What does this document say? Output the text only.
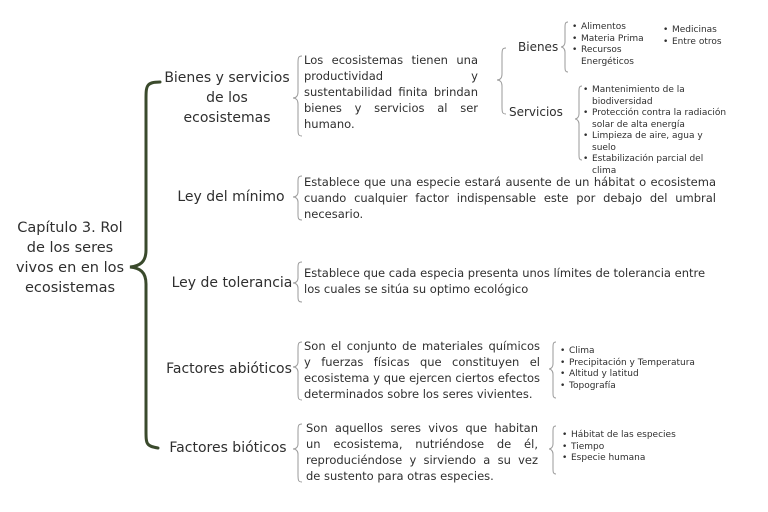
Capítulo 3. Rol de los seres vivos en en los ecosistemas
Bienes y servicios de los ecosistemas
Los ecosistemas tienen una productividad y sustentabilidad finita brindan bienes y servicios al ser humano.
Bienes
• Alimentos
• Materia Prima
• Recursos Energéticos
• Medicinas
• Entre otros
Servicios
• Mantenimiento de la biodiversidad
• Protección contra la radiación solar de alta energía
• Limpieza de aire, agua y suelo
• Estabilización parcial del clima
Ley del mínimo
Establece que una especie estará ausente de un hábitat o ecosistema cuando cualquier factor indispensable este por debajo del umbral necesario.
Ley de tolerancia
Establece que cada especia presenta unos límites de tolerancia entre los cuales se sitúa su optimo ecológico
Factores abióticos
Son el conjunto de materiales químicos y fuerzas físicas que constituyen el ecosistema y que ejercen ciertos efectos determinados sobre los seres vivientes.
• Clima
• Precipitación y Temperatura
• Altitud y latitud
• Topografía
Factores bióticos
Son aquellos seres vivos que habitan un ecosistema, nutriéndose de él, reproduciéndose y sirviendo a su vez de sustento para otras especies.
• Hábitat de las especies
• Tiempo
• Especie humana
